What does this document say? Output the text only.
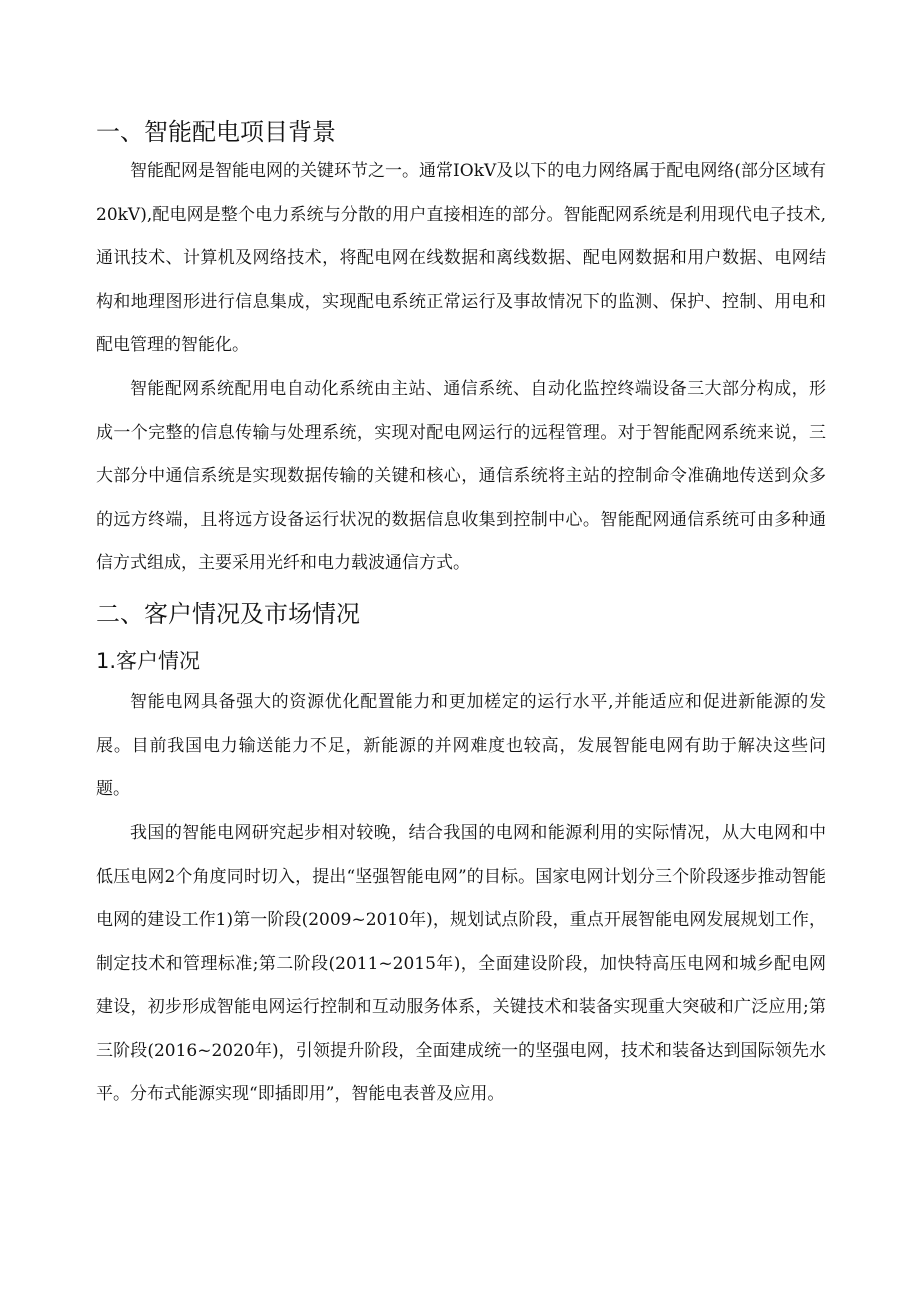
一、智能配电项目背景

智能配网是智能电网的关键环节之一。通常IOkV及以下的电力网络属于配电网络(部分区域有20kV),配电网是整个电力系统与分散的用户直接相连的部分。智能配网系统是利用现代电子技术,通讯技术、计算机及网络技术，将配电网在线数据和离线数据、配电网数据和用户数据、电网结构和地理图形进行信息集成，实现配电系统正常运行及事故情况下的监测、保护、控制、用电和配电管理的智能化。

智能配网系统配用电自动化系统由主站、通信系统、自动化监控终端设备三大部分构成，形成一个完整的信息传输与处理系统，实现对配电网运行的远程管理。对于智能配网系统来说，三大部分中通信系统是实现数据传输的关键和核心，通信系统将主站的控制命令准确地传送到众多的远方终端，且将远方设备运行状况的数据信息收集到控制中心。智能配网通信系统可由多种通信方式组成，主要采用光纤和电力载波通信方式。

二、客户情况及市场情况
1.客户情况

智能电网具备强大的资源优化配置能力和更加槎定的运行水平,并能适应和促进新能源的发展。目前我国电力输送能力不足，新能源的并网难度也较高，发展智能电网有助于解决这些问题。

我国的智能电网研究起步相对较晚，结合我国的电网和能源利用的实际情况，从大电网和中低压电网2个角度同时切入，提出“坚强智能电网”的目标。国家电网计划分三个阶段逐步推动智能电网的建设工作1)第一阶段(2009~2010年)，规划试点阶段，重点开展智能电网发展规划工作，制定技术和管理标准;第二阶段(2011~2015年)，全面建设阶段，加快特高压电网和城乡配电网建设，初步形成智能电网运行控制和互动服务体系，关键技术和装备实现重大突破和广泛应用;第三阶段(2016~2020年)，引领提升阶段，全面建成统一的坚强电网，技术和装备达到国际领先水平。分布式能源实现“即插即用”，智能电表普及应用。
